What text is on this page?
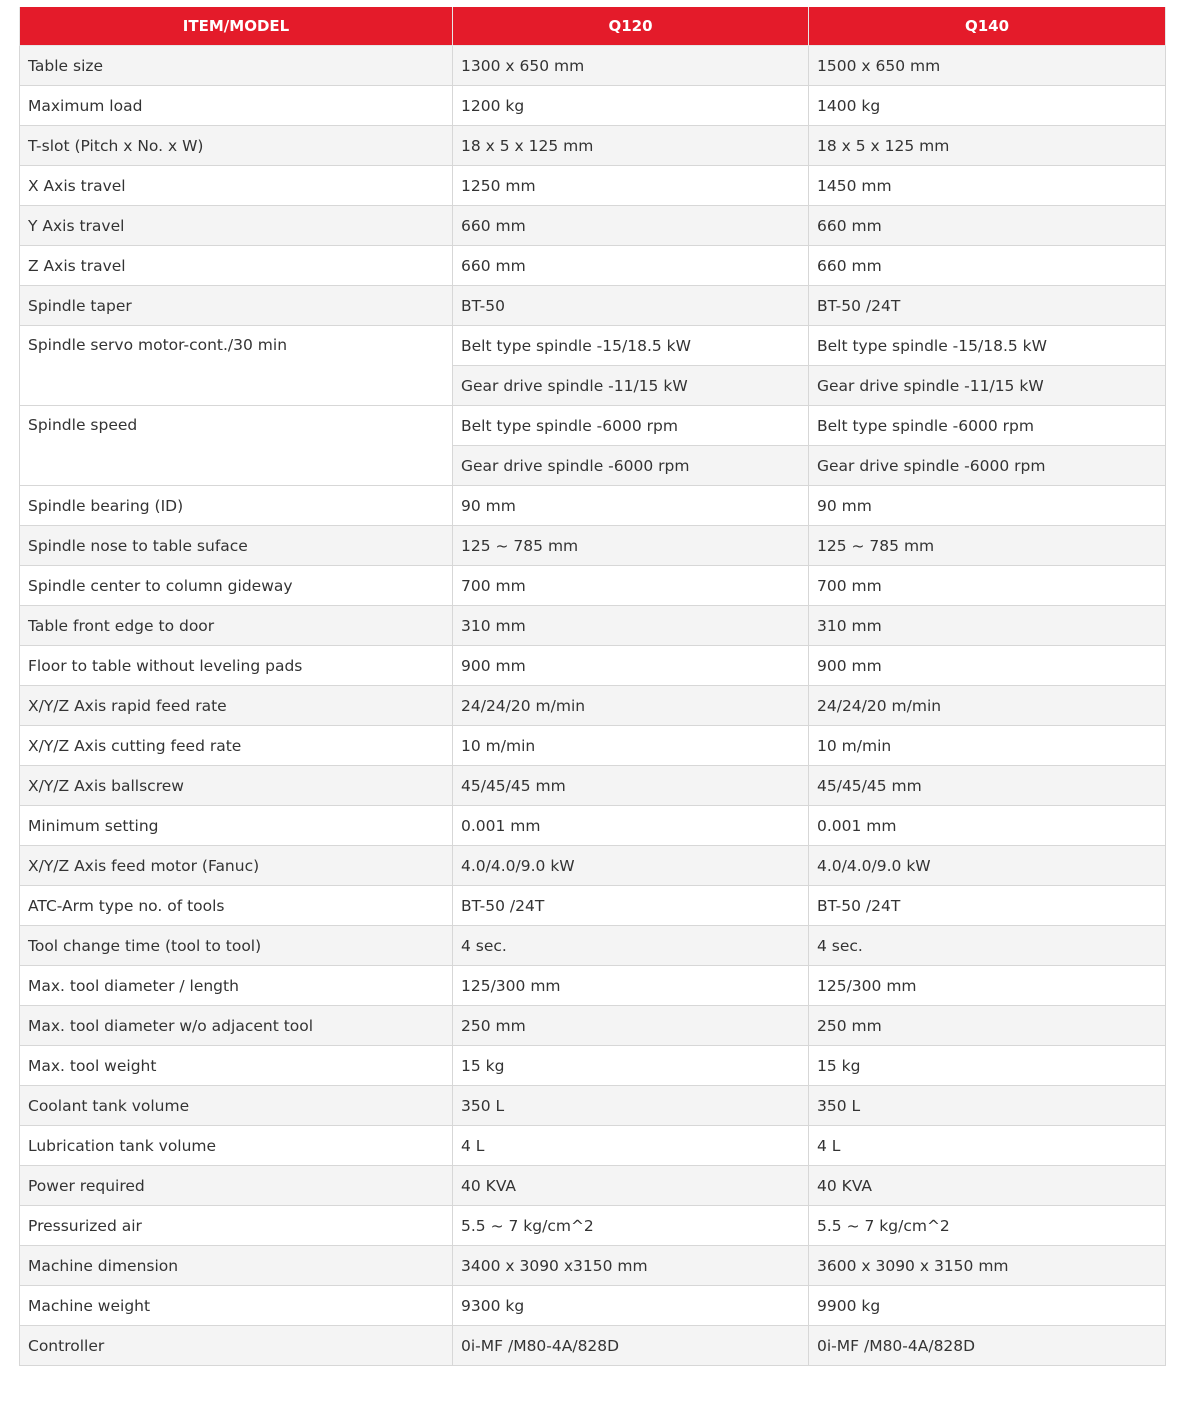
ITEM/MODEL	Q120	Q140
Table size	1300 x 650 mm	1500 x 650 mm
Maximum load	1200 kg	1400 kg
T-slot (Pitch x No. x W)	18 x 5 x 125 mm	18 x 5 x 125 mm
X Axis travel	1250 mm	1450 mm
Y Axis travel	660 mm	660 mm
Z Axis travel	660 mm	660 mm
Spindle taper	BT-50	BT-50 /24T
Spindle servo motor-cont./30 min	Belt type spindle -15/18.5 kW	Belt type spindle -15/18.5 kW
	Gear drive spindle -11/15 kW	Gear drive spindle -11/15 kW
Spindle speed	Belt type spindle -6000 rpm	Belt type spindle -6000 rpm
	Gear drive spindle -6000 rpm	Gear drive spindle -6000 rpm
Spindle bearing (ID)	90 mm	90 mm
Spindle nose to table suface	125 ~ 785 mm	125 ~ 785 mm
Spindle center to column gideway	700 mm	700 mm
Table front edge to door	310 mm	310 mm
Floor to table without leveling pads	900 mm	900 mm
X/Y/Z Axis rapid feed rate	24/24/20 m/min	24/24/20 m/min
X/Y/Z Axis cutting feed rate	10 m/min	10 m/min
X/Y/Z Axis ballscrew	45/45/45 mm	45/45/45 mm
Minimum setting	0.001 mm	0.001 mm
X/Y/Z Axis feed motor (Fanuc)	4.0/4.0/9.0 kW	4.0/4.0/9.0 kW
ATC-Arm type no. of tools	BT-50 /24T	BT-50 /24T
Tool change time (tool to tool)	4 sec.	4 sec.
Max. tool diameter / length	125/300 mm	125/300 mm
Max. tool diameter w/o adjacent tool	250 mm	250 mm
Max. tool weight	15 kg	15 kg
Coolant tank volume	350 L	350 L
Lubrication tank volume	4 L	4 L
Power required	40 KVA	40 KVA
Pressurized air	5.5 ~ 7 kg/cm^2	5.5 ~ 7 kg/cm^2
Machine dimension	3400 x 3090 x3150 mm	3600 x 3090 x 3150 mm
Machine weight	9300 kg	9900 kg
Controller	0i-MF /M80-4A/828D	0i-MF /M80-4A/828D
